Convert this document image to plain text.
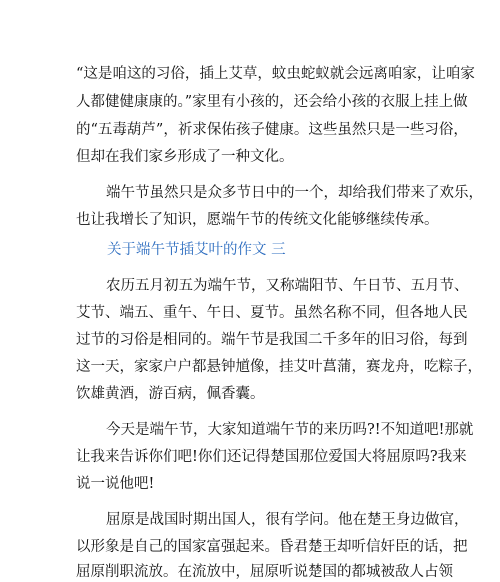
“这是咱这的习俗，插上艾草，蚊虫蛇蚁就会远离咱家，让咱家
人都健健康康的。”家里有小孩的，还会给小孩的衣服上挂上做
的“五毒葫芦”，祈求保佑孩子健康。这些虽然只是一些习俗，
但却在我们家乡形成了一种文化。
端午节虽然只是众多节日中的一个，却给我们带来了欢乐，
也让我增长了知识，愿端午节的传统文化能够继续传承。
关于端午节插艾叶的作文 三
农历五月初五为端午节，又称端阳节、午日节、五月节、
艾节、端五、重午、午日、夏节。虽然名称不同，但各地人民
过节的习俗是相同的。端午节是我国二千多年的旧习俗，每到
这一天，家家户户都悬钟馗像，挂艾叶菖蒲，赛龙舟，吃粽子，
饮雄黄酒，游百病，佩香囊。
今天是端午节，大家知道端午节的来历吗?!不知道吧!那就
让我来告诉你们吧!你们还记得楚国那位爱国大将屈原吗?我来
说一说他吧!
屈原是战国时期出国人，很有学问。他在楚王身边做官，
以形象是自己的国家富强起来。昏君楚王却听信奸臣的话，把
屈原削职流放。在流放中，屈原听说楚国的都城被敌人占领
